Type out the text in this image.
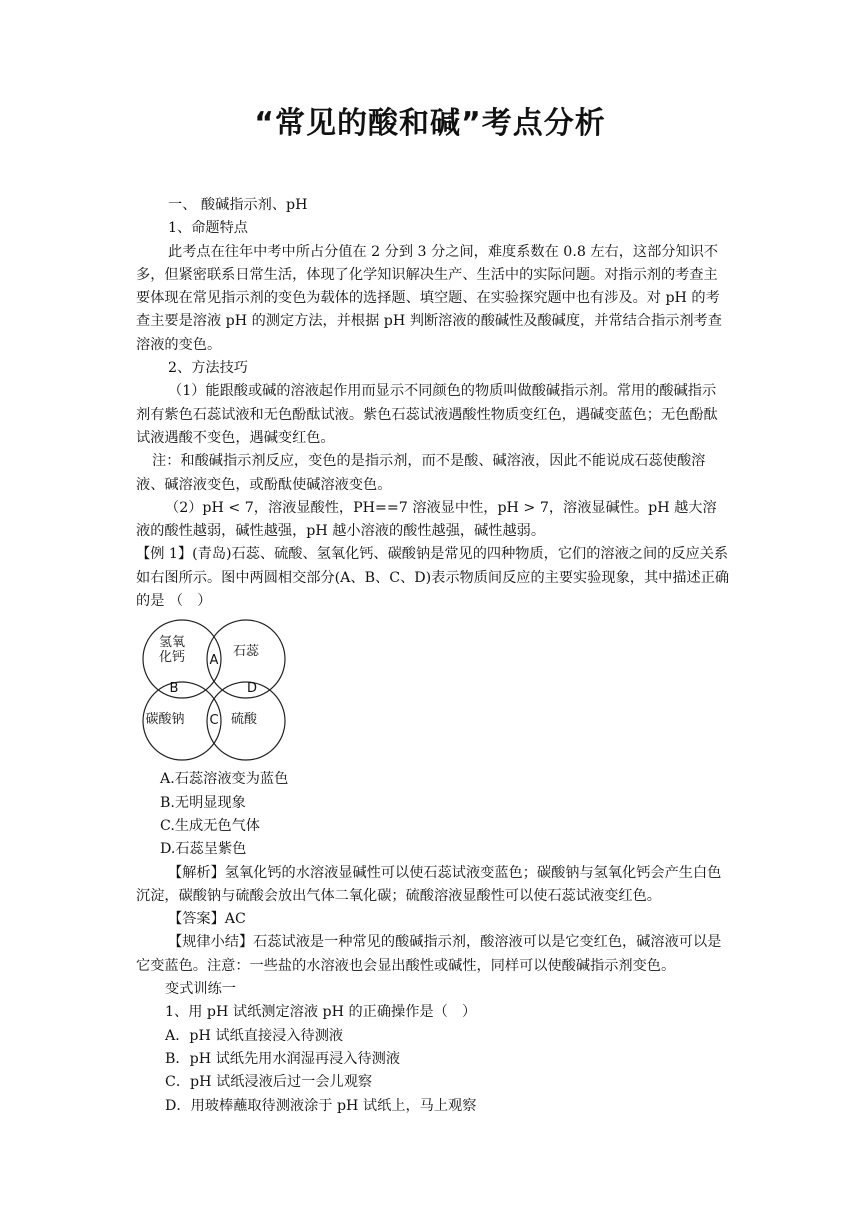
“常见的酸和碱”考点分析

一、 酸碱指示剂、pH

1、命题特点

此考点在往年中考中所占分值在 2 分到 3 分之间，难度系数在 0.8 左右，这部分知识不多，但紧密联系日常生活，体现了化学知识解决生产、生活中的实际问题。对指示剂的考查主要体现在常见指示剂的变色为载体的选择题、填空题、在实验探究题中也有涉及。对 pH 的考查主要是溶液 pH 的测定方法，并根据 pH 判断溶液的酸碱性及酸碱度，并常结合指示剂考查溶液的变色。

2、方法技巧

（1）能跟酸或碱的溶液起作用而显示不同颜色的物质叫做酸碱指示剂。常用的酸碱指示剂有紫色石蕊试液和无色酚酞试液。紫色石蕊试液遇酸性物质变红色，遇碱变蓝色；无色酚酞试液遇酸不变色，遇碱变红色。

注：和酸碱指示剂反应，变色的是指示剂，而不是酸、碱溶液，因此不能说成石蕊使酸溶液、碱溶液变色，或酚酞使碱溶液变色。

（2）pH < 7，溶液显酸性，PH==7 溶液显中性，pH > 7，溶液显碱性。pH 越大溶液的酸性越弱，碱性越强，pH 越小溶液的酸性越强，碱性越弱。

【例 1】(青岛)石蕊、硫酸、氢氧化钙、碳酸钠是常见的四种物质，它们的溶液之间的反应关系如右图所示。图中两圆相交部分(A、B、C、D)表示物质间反应的主要实验现象，其中描述正确的是 （　）

氢氧
化钙	石蕊
碳酸钠	硫酸
A
B
C
D

A.石蕊溶液变为蓝色

B.无明显现象

C.生成无色气体

D.石蕊呈紫色

【解析】氢氧化钙的水溶液显碱性可以使石蕊试液变蓝色；碳酸钠与氢氧化钙会产生白色沉淀，碳酸钠与硫酸会放出气体二氧化碳；硫酸溶液显酸性可以使石蕊试液变红色。

【答案】AC

【规律小结】石蕊试液是一种常见的酸碱指示剂，酸溶液可以是它变红色，碱溶液可以是它变蓝色。注意：一些盐的水溶液也会显出酸性或碱性，同样可以使酸碱指示剂变色。

变式训练一

1、用 pH 试纸测定溶液 pH 的正确操作是（　）

A．pH 试纸直接浸入待测液

B．pH 试纸先用水润湿再浸入待测液

C．pH 试纸浸液后过一会儿观察

D．用玻棒蘸取待测液涂于 pH 试纸上，马上观察
